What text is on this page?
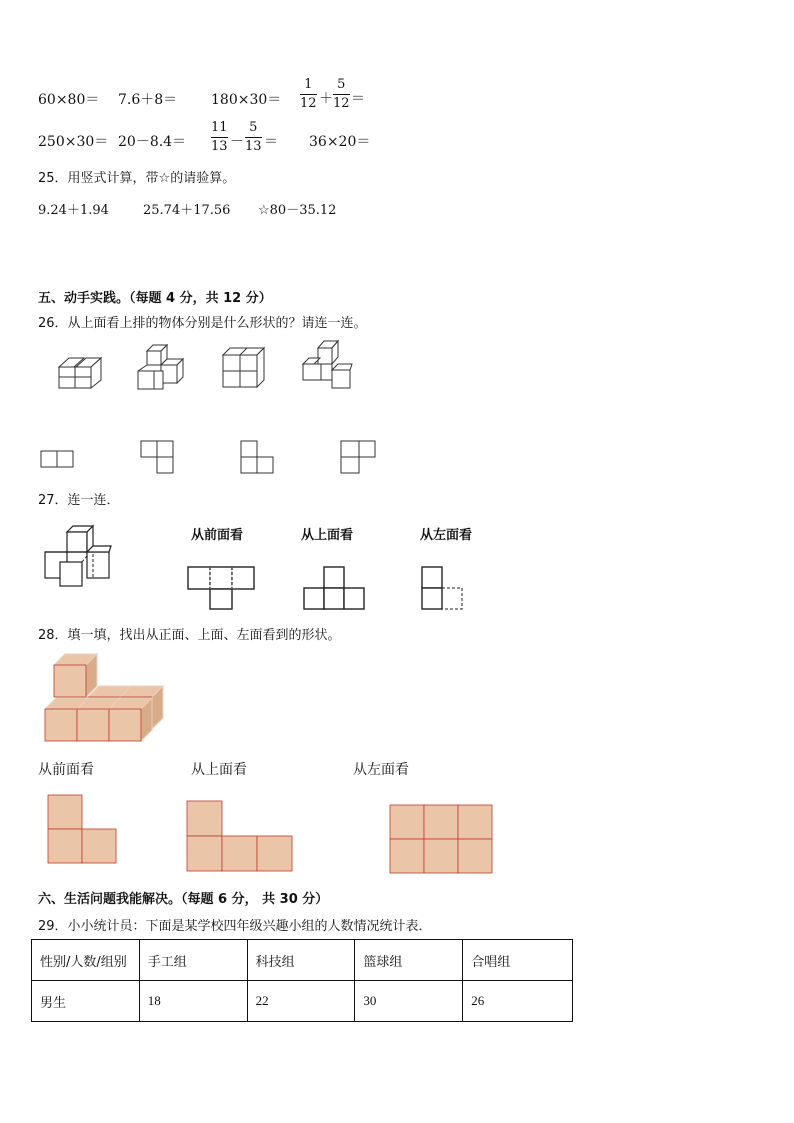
60×80＝ 7.6＋8＝ 180×30＝
1
12 ＋
5
12 ＝
250×30＝ 20－8.4＝
11
13 －
5
13 ＝ 36×20＝
25．用竖式计算，带☆的请验算。
9.24＋1.94	25.74＋17.56 ☆80－35.12
五、动手实践。（每题 4 分，共 12 分）
26．从上面看上排的物体分别是什么形状的？请连一连。
27．连一连．
从前面看	从上面看	从左面看
28．填一填，找出从正面、上面、左面看到的形状。
从前面看	从上面看	从左面看
六、生活问题我能解决。（每题 6 分， 共 30 分）
29．小小统计员：下面是某学校四年级兴趣小组的人数情况统计表．
性别/人数/组别	手工组	科技组	篮球组	合唱组
男生	18	22	30	26
